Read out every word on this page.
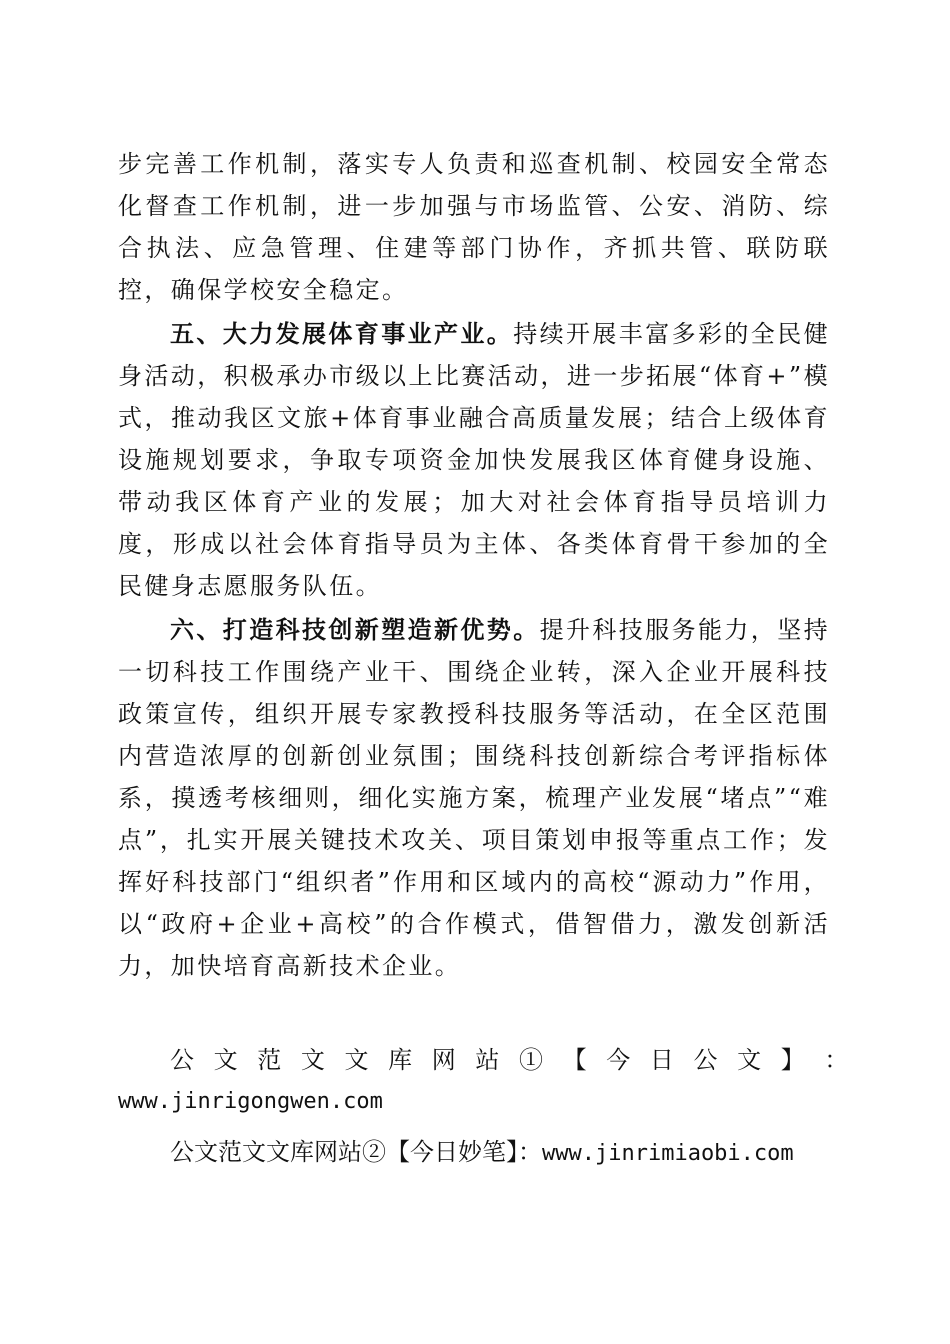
步完善工作机制，落实专人负责和巡查机制、校园安全常态化督查工作机制，进一步加强与市场监管、公安、消防、综合执法、应急管理、住建等部门协作，齐抓共管、联防联控，确保学校安全稳定。

五、大力发展体育事业产业。持续开展丰富多彩的全民健身活动，积极承办市级以上比赛活动，进一步拓展“体育+”模式，推动我区文旅+体育事业融合高质量发展；结合上级体育设施规划要求，争取专项资金加快发展我区体育健身设施、带动我区体育产业的发展；加大对社会体育指导员培训力度，形成以社会体育指导员为主体、各类体育骨干参加的全民健身志愿服务队伍。

六、打造科技创新塑造新优势。提升科技服务能力，坚持一切科技工作围绕产业干、围绕企业转，深入企业开展科技政策宣传，组织开展专家教授科技服务等活动，在全区范围内营造浓厚的创新创业氛围；围绕科技创新综合考评指标体系，摸透考核细则，细化实施方案，梳理产业发展“堵点”“难点”，扎实开展关键技术攻关、项目策划申报等重点工作；发挥好科技部门“组织者”作用和区域内的高校“源动力”作用，以“政府+企业+高校”的合作模式，借智借力，激发创新活力，加快培育高新技术企业。

公 文 范 文 文 库 网 站 ① 【 今 日 公 文 】 ：
www.jinrigongwen.com
公文范文文库网站②【今日妙笔】：www.jinrimiaobi.com
